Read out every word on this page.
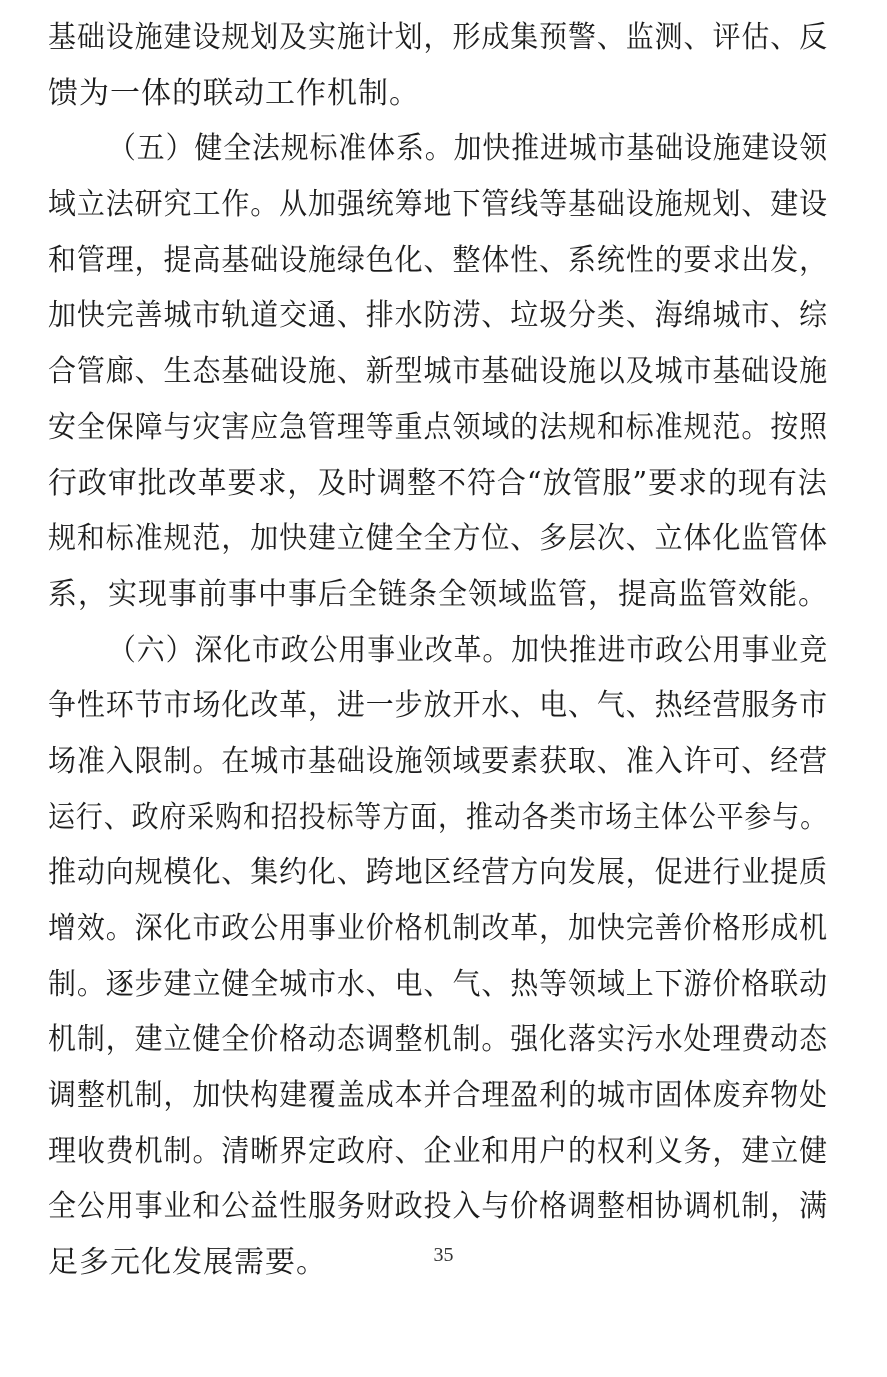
基础设施建设规划及实施计划，形成集预警、监测、评估、反
馈为一体的联动工作机制。
（五）健全法规标准体系。加快推进城市基础设施建设领
域立法研究工作。从加强统筹地下管线等基础设施规划、建设
和管理，提高基础设施绿色化、整体性、系统性的要求出发，
加快完善城市轨道交通、排水防涝、垃圾分类、海绵城市、综
合管廊、生态基础设施、新型城市基础设施以及城市基础设施
安全保障与灾害应急管理等重点领域的法规和标准规范。按照
行政审批改革要求，及时调整不符合“放管服”要求的现有法
规和标准规范，加快建立健全全方位、多层次、立体化监管体
系，实现事前事中事后全链条全领域监管，提高监管效能。
（六）深化市政公用事业改革。加快推进市政公用事业竞
争性环节市场化改革，进一步放开水、电、气、热经营服务市
场准入限制。在城市基础设施领域要素获取、准入许可、经营
运行、政府采购和招投标等方面，推动各类市场主体公平参与。
推动向规模化、集约化、跨地区经营方向发展，促进行业提质
增效。深化市政公用事业价格机制改革，加快完善价格形成机
制。逐步建立健全城市水、电、气、热等领域上下游价格联动
机制，建立健全价格动态调整机制。强化落实污水处理费动态
调整机制，加快构建覆盖成本并合理盈利的城市固体废弃物处
理收费机制。清晰界定政府、企业和用户的权利义务，建立健
全公用事业和公益性服务财政投入与价格调整相协调机制，满
足多元化发展需要。	35
